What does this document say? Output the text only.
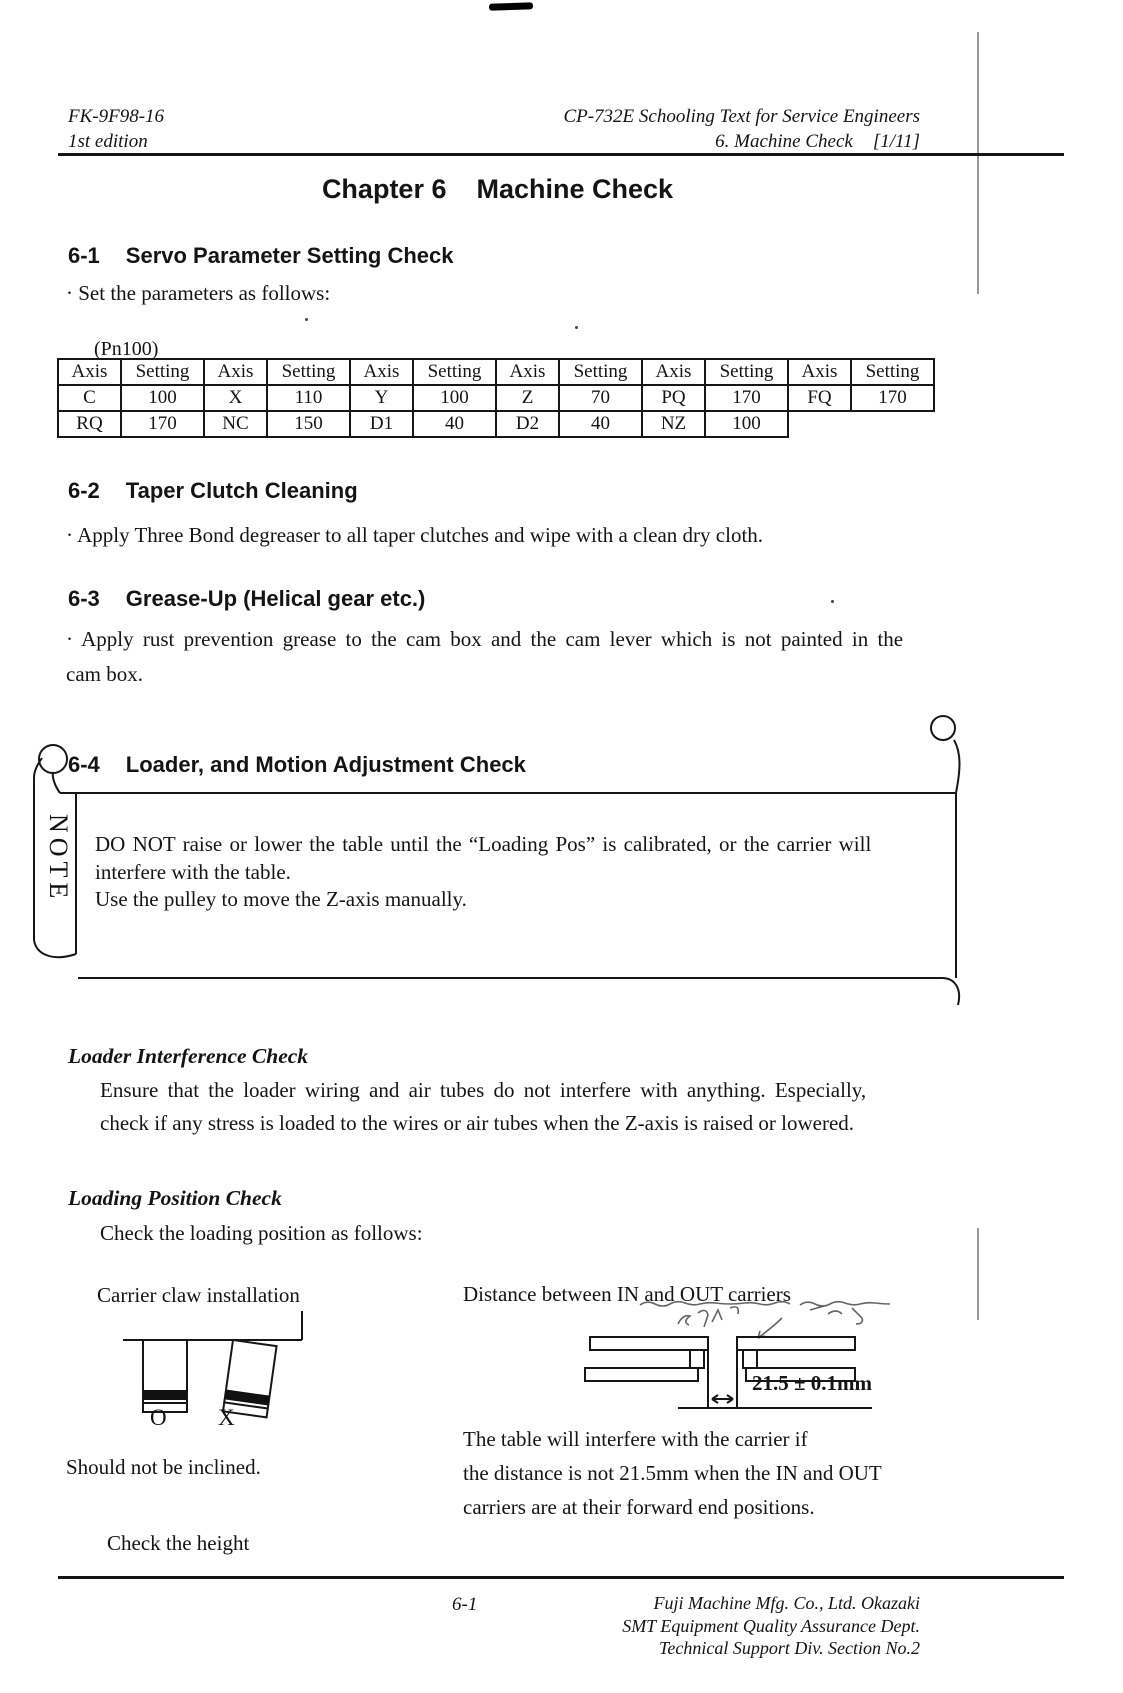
FK-9F98-16
1st edition
CP-732E Schooling Text for Service Engineers
6. Machine Check [1/11]
Chapter 6 Machine Check
6-1 Servo Parameter Setting Check
· Set the parameters as follows:
(Pn100)
Axis	Setting	Axis	Setting	Axis	Setting	Axis	Setting	Axis	Setting	Axis	Setting
C	100	X	110	Y	100	Z	70	PQ	170	FQ	170
RQ	170	NC	150	D1	40	D2	40	NZ	100		
6-2 Taper Clutch Cleaning
· Apply Three Bond degreaser to all taper clutches and wipe with a clean dry cloth.
6-3 Grease-Up (Helical gear etc.)
· Apply rust prevention grease to the cam box and the cam lever which is not painted in the
cam box.
6-4 Loader, and Motion Adjustment Check
NOTE DO NOT raise or lower the table until the “Loading Pos” is calibrated, or the carrier will
interfere with the table.
Use the pulley to move the Z-axis manually.
Loader Interference Check
Ensure that the loader wiring and air tubes do not interfere with anything. Especially,
check if any stress is loaded to the wires or air tubes when the Z-axis is raised or lowered.
Loading Position Check
Check the loading position as follows:
Carrier claw installation
O X
Should not be inclined.
Distance between IN and OUT carriers
21.5 ± 0.1mm
The table will interfere with the carrier if
the distance is not 21.5mm when the IN and OUT
carriers are at their forward end positions.
Check the height
6-1	Fuji Machine Mfg. Co., Ltd. Okazaki
SMT Equipment Quality Assurance Dept.
Technical Support Div. Section No.2
